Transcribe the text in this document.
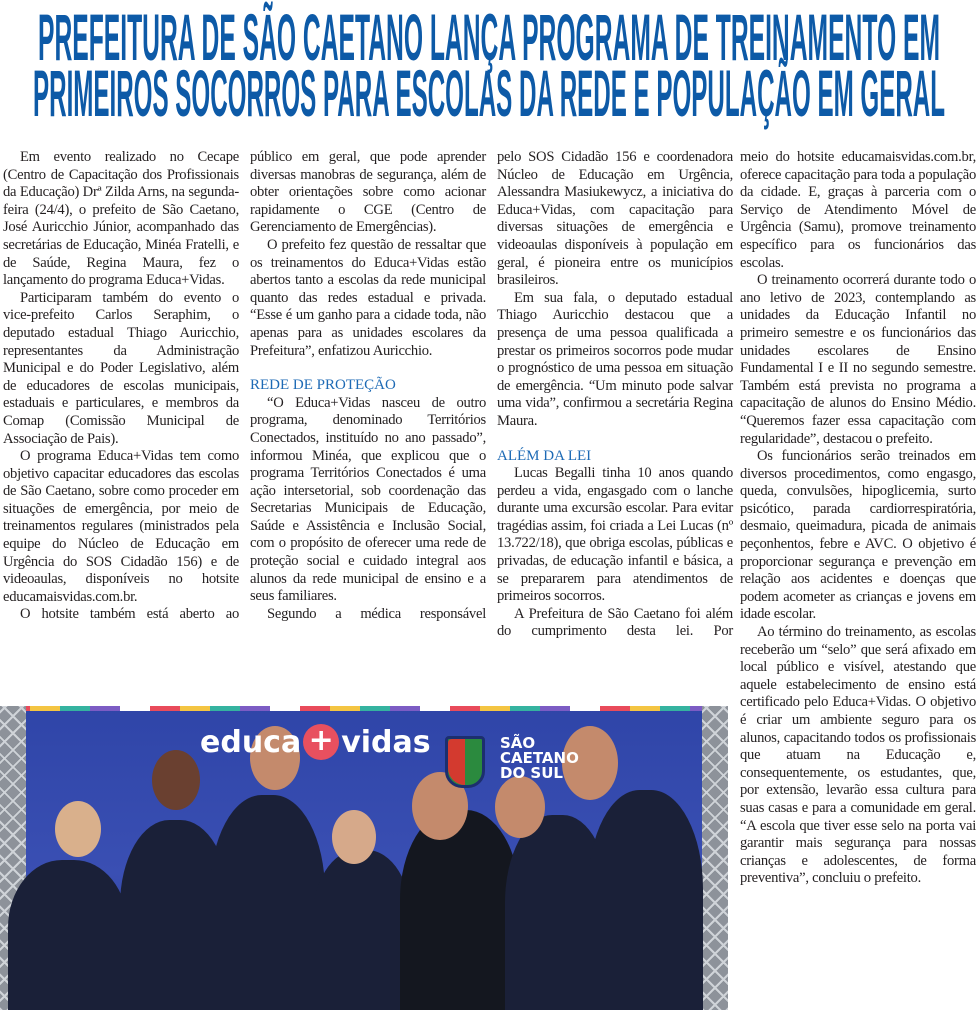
PREFEITURA DE SÃO CAETANO LANÇA PROGRAMA DE TREINAMENTO EM
PRIMEIROS SOCORROS PARA ESCOLAS DA REDE E POPULAÇÃO EM GERAL

Em evento realizado no Cecape (Centro de Capacitação dos Profissionais da Educação) Drª Zilda Arns, na segunda-feira (24/4), o prefeito de São Caetano, José Auricchio Júnior, acompanhado das secretárias de Educação, Minéa Fratelli, e de Saúde, Regina Maura, fez o lançamento do programa Educa+Vidas.

Participaram também do evento o vice-prefeito Carlos Seraphim, o deputado estadual Thiago Auricchio, representantes da Administração Municipal e do Poder Legislativo, além de educadores de escolas municipais, estaduais e particulares, e membros da Comap (Comissão Municipal de Associação de Pais).

O programa Educa+Vidas tem como objetivo capacitar educadores das escolas de São Caetano, sobre como proceder em situações de emergência, por meio de treinamentos regulares (ministrados pela equipe do Núcleo de Educação em Urgência do SOS Cidadão 156) e de videoaulas, disponíveis no hotsite educamaisvidas.com.br.

O hotsite também está aberto ao

público em geral, que pode aprender diversas manobras de segurança, além de obter orientações sobre como acionar rapidamente o CGE (Centro de Gerenciamento de Emergências).

O prefeito fez questão de ressaltar que os treinamentos do Educa+Vidas estão abertos tanto a escolas da rede municipal quanto das redes estadual e privada. “Esse é um ganho para a cidade toda, não apenas para as unidades escolares da Prefeitura”, enfatizou Auricchio.

REDE DE PROTEÇÃO

“O Educa+Vidas nasceu de outro programa, denominado Territórios Conectados, instituído no ano passado”, informou Minéa, que explicou que o programa Territórios Conectados é uma ação intersetorial, sob coordenação das Secretarias Municipais de Educação, Saúde e Assistência e Inclusão Social, com o propósito de oferecer uma rede de proteção social e cuidado integral aos alunos da rede municipal de ensino e a seus familiares.

Segundo a médica responsável

pelo SOS Cidadão 156 e coordenadora Núcleo de Educação em Urgência, Alessandra Masiukewycz, a iniciativa do Educa+Vidas, com capacitação para diversas situações de emergência e videoaulas disponíveis à população em geral, é pioneira entre os municípios brasileiros.

Em sua fala, o deputado estadual Thiago Auricchio destacou que a presença de uma pessoa qualificada a prestar os primeiros socorros pode mudar o prognóstico de uma pessoa em situação de emergência. “Um minuto pode salvar uma vida”, confirmou a secretária Regina Maura.

ALÉM DA LEI

Lucas Begalli tinha 10 anos quando perdeu a vida, engasgado com o lanche durante uma excursão escolar. Para evitar tragédias assim, foi criada a Lei Lucas (nº 13.722/18), que obriga escolas, públicas e privadas, de educação infantil e básica, a se prepararem para atendimentos de primeiros socorros.

A Prefeitura de São Caetano foi além do cumprimento desta lei. Por

meio do hotsite educamaisvidas.com.br, oferece capacitação para toda a população da cidade. E, graças à parceria com o Serviço de Atendimento Móvel de Urgência (Samu), promove treinamento específico para os funcionários das escolas.

O treinamento ocorrerá durante todo o ano letivo de 2023, contemplando as unidades da Educação Infantil no primeiro semestre e os funcionários das unidades escolares de Ensino Fundamental I e II no segundo semestre. Também está prevista no programa a capacitação de alunos do Ensino Médio. “Queremos fazer essa capacitação com regularidade”, destacou o prefeito.

Os funcionários serão treinados em diversos procedimentos, como engasgo, queda, convulsões, hipoglicemia, surto psicótico, parada cardiorrespiratória, desmaio, queimadura, picada de animais peçonhentos, febre e AVC. O objetivo é proporcionar segurança e prevenção em relação aos acidentes e doenças que podem acometer as crianças e jovens em idade escolar.

Ao término do treinamento, as escolas receberão um “selo” que será afixado em local público e visível, atestando que aquele estabelecimento de ensino está certificado pelo Educa+Vidas. O objetivo é criar um ambiente seguro para os alunos, capacitando todos os profissionais que atuam na Educação e, consequentemente, os estudantes, que, por extensão, levarão essa cultura para suas casas e para a comunidade em geral. “A escola que tiver esse selo na porta vai garantir mais segurança para nossas crianças e adolescentes, de forma preventiva”, concluiu o prefeito.

educa + vidas	SÃO CAETANO DO SUL
